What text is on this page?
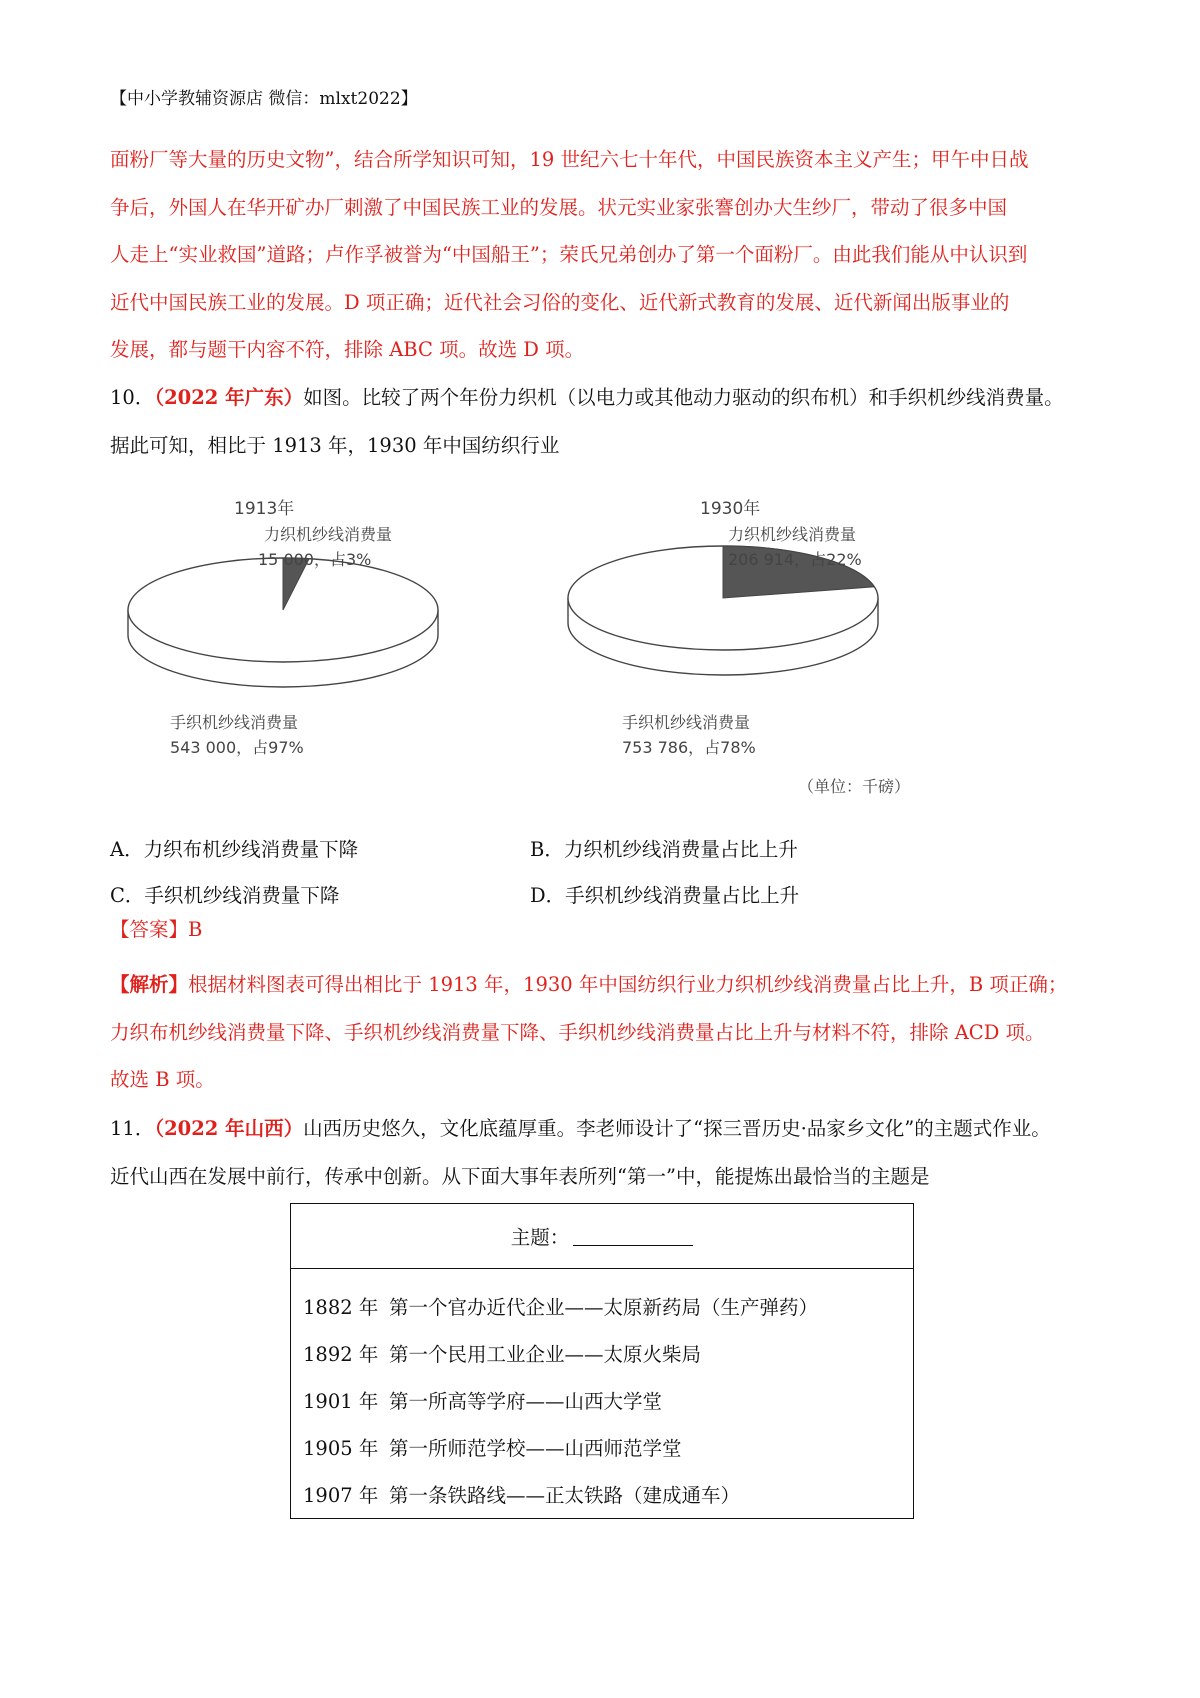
【中小学教辅资源店 微信：mlxt2022】

面粉厂等大量的历史文物”，结合所学知识可知，19 世纪六七十年代，中国民族资本主义产生；甲午中日战

争后，外国人在华开矿办厂刺激了中国民族工业的发展。状元实业家张謇创办大生纱厂，带动了很多中国

人走上“实业救国”道路；卢作孚被誉为“中国船王”；荣氏兄弟创办了第一个面粉厂。由此我们能从中认识到

近代中国民族工业的发展。D 项正确；近代社会习俗的变化、近代新式教育的发展、近代新闻出版事业的

发展，都与题干内容不符，排除 ABC 项。故选 D 项。

10．（2022 年广东）如图。比较了两个年份力织机（以电力或其他动力驱动的织布机）和手织机纱线消费量。

据此可知，相比于 1913 年，1930 年中国纺织行业

1913年
力织机纱线消费量
15 000，占3%
手织机纱线消费量
543 000，占97%
1930年
力织机纱线消费量
206 914，占22%
手织机纱线消费量
753 786，占78%
（单位：千磅）
A．力织布机纱线消费量下降	B．力织机纱线消费量占比上升
C．手织机纱线消费量下降	D．手织机纱线消费量占比上升
【答案】B

【解析】根据材料图表可得出相比于 1913 年，1930 年中国纺织行业力织机纱线消费量占比上升，B 项正确；

力织布机纱线消费量下降、手织机纱线消费量下降、手织机纱线消费量占比上升与材料不符，排除 ACD 项。

故选 B 项。

11．（2022 年山西）山西历史悠久，文化底蕴厚重。李老师设计了“探三晋历史·品家乡文化”的主题式作业。

近代山西在发展中前行，传承中创新。从下面大事年表所列“第一”中，能提炼出最恰当的主题是

主题：
1882 年 第一个官办近代企业——太原新药局（生产弹药）
1892 年 第一个民用工业企业——太原火柴局
1901 年 第一所高等学府——山西大学堂
1905 年 第一所师范学校——山西师范学堂
1907 年 第一条铁路线——正太铁路（建成通车）
